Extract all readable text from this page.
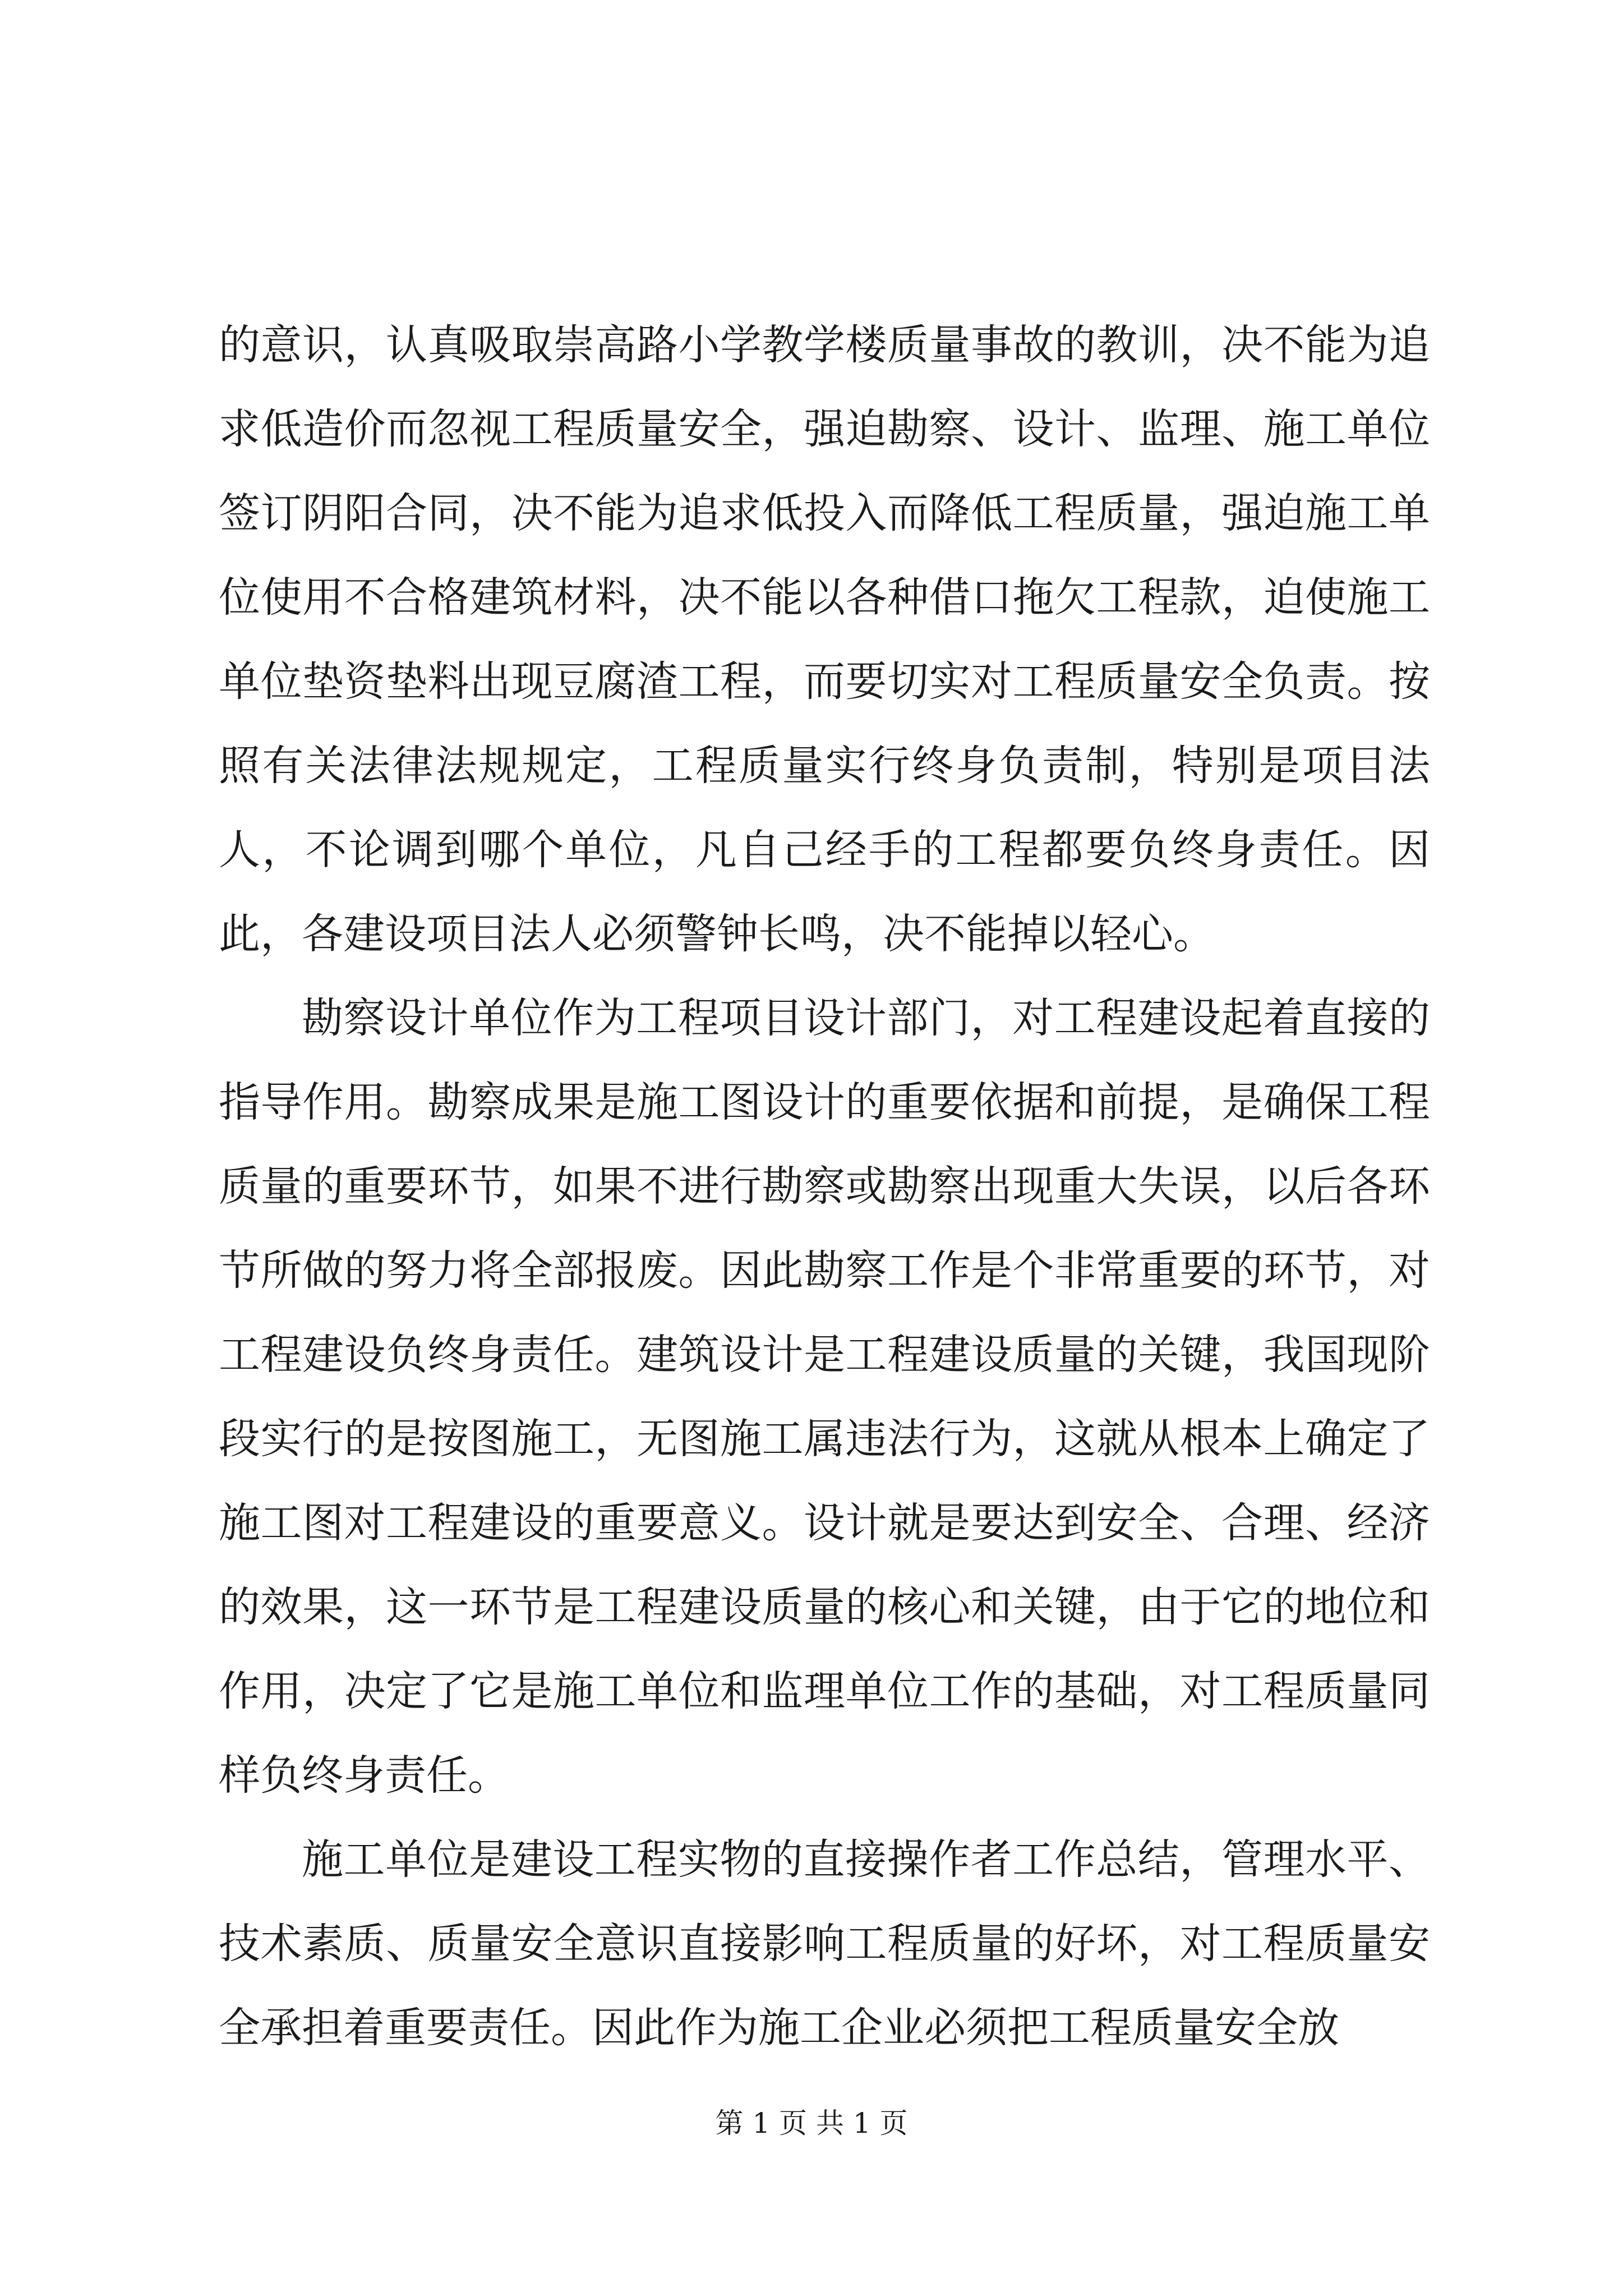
的意识，认真吸取崇高路小学教学楼质量事故的教训，决不能为追求低造价而忽视工程质量安全，强迫勘察、设计、监理、施工单位签订阴阳合同，决不能为追求低投入而降低工程质量，强迫施工单位使用不合格建筑材料，决不能以各种借口拖欠工程款，迫使施工单位垫资垫料出现豆腐渣工程，而要切实对工程质量安全负责。按照有关法律法规规定，工程质量实行终身负责制，特别是项目法人，不论调到哪个单位，凡自己经手的工程都要负终身责任。因此，各建设项目法人必须警钟长鸣，决不能掉以轻心。

勘察设计单位作为工程项目设计部门，对工程建设起着直接的指导作用。勘察成果是施工图设计的重要依据和前提，是确保工程质量的重要环节，如果不进行勘察或勘察出现重大失误，以后各环节所做的努力将全部报废。因此勘察工作是个非常重要的环节，对工程建设负终身责任。建筑设计是工程建设质量的关键，我国现阶段实行的是按图施工，无图施工属违法行为，这就从根本上确定了施工图对工程建设的重要意义。设计就是要达到安全、合理、经济的效果，这一环节是工程建设质量的核心和关键，由于它的地位和作用，决定了它是施工单位和监理单位工作的基础，对工程质量同样负终身责任。

施工单位是建设工程实物的直接操作者工作总结，管理水平、技术素质、质量安全意识直接影响工程质量的好坏，对工程质量安全承担着重要责任。因此作为施工企业必须把工程质量安全放

第 1 页 共 1 页
